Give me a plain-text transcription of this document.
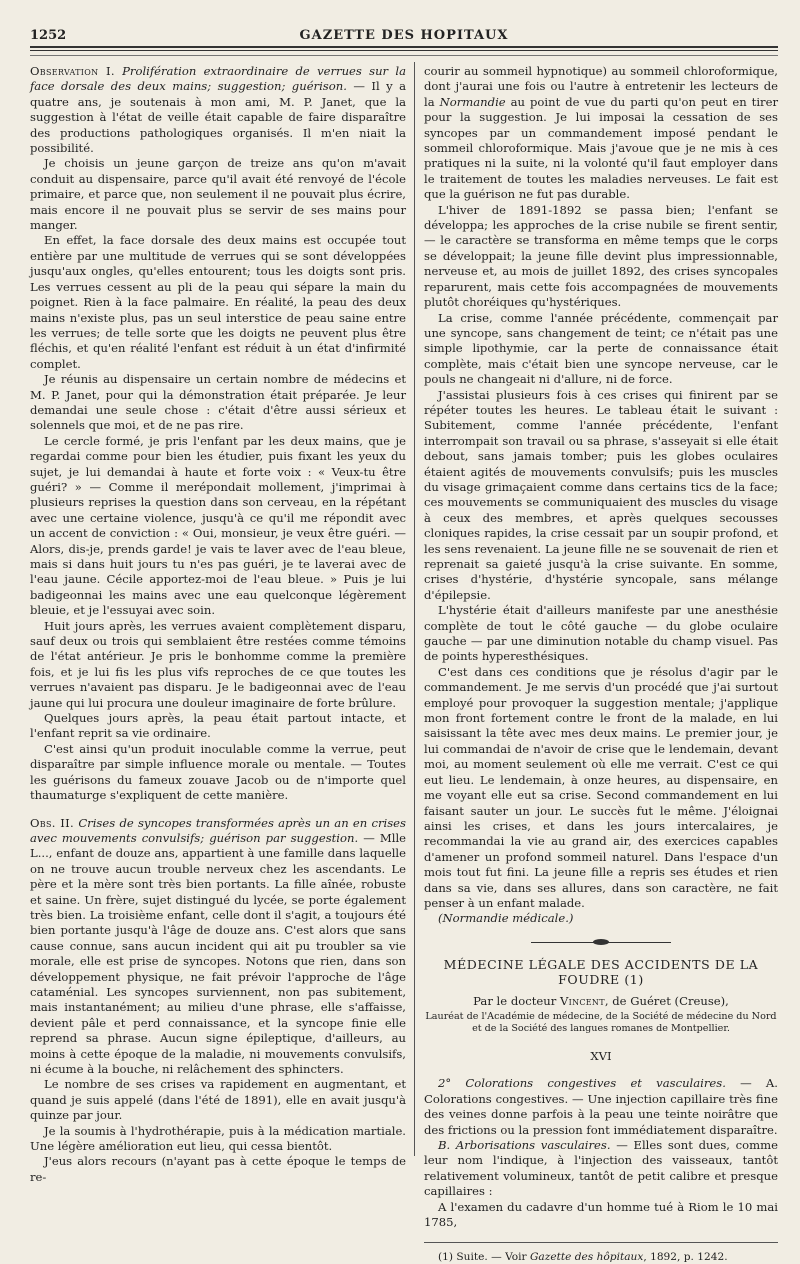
1252	GAZETTE DES HOPITAUX

Observation I. Prolifération extraordinaire de verrues sur la face dorsale des deux mains; suggestion; guérison. — Il y a quatre ans, je soutenais à mon ami, M. P. Janet, que la suggestion à l'état de veille était capable de faire disparaître des productions pathologiques organisés. Il m'en niait la possibilité.

Je choisis un jeune garçon de treize ans qu'on m'avait conduit au dispensaire, parce qu'il avait été renvoyé de l'école primaire, et parce que, non seulement il ne pouvait plus écrire, mais encore il ne pouvait plus se servir de ses mains pour manger.

En effet, la face dorsale des deux mains est occupée tout entière par une multitude de verrues qui se sont développées jusqu'aux ongles, qu'elles entourent; tous les doigts sont pris. Les verrues cessent au pli de la peau qui sépare la main du poignet. Rien à la face palmaire. En réalité, la peau des deux mains n'existe plus, pas un seul interstice de peau saine entre les verrues; de telle sorte que les doigts ne peuvent plus être fléchis, et qu'en réalité l'enfant est réduit à un état d'infirmité complet.

Je réunis au dispensaire un certain nombre de médecins et M. P. Janet, pour qui la démonstration était préparée. Je leur demandai une seule chose : c'était d'être aussi sérieux et solennels que moi, et de ne pas rire.

Le cercle formé, je pris l'enfant par les deux mains, que je regardai comme pour bien les étudier, puis fixant les yeux du sujet, je lui demandai à haute et forte voix : « Veux-tu être guéri? » — Comme il merépondait mollement, j'imprimai à plusieurs reprises la question dans son cerveau, en la répétant avec une certaine violence, jusqu'à ce qu'il me répondit avec un accent de conviction : « Oui, monsieur, je veux être guéri. — Alors, dis-je, prends garde! je vais te laver avec de l'eau bleue, mais si dans huit jours tu n'es pas guéri, je te laverai avec de l'eau jaune. Cécile apportez-moi de l'eau bleue. » Puis je lui badigeonnai les mains avec une eau quelconque légèrement bleuie, et je l'essuyai avec soin.

Huit jours après, les verrues avaient complètement disparu, sauf deux ou trois qui semblaient être restées comme témoins de l'état antérieur. Je pris le bonhomme comme la première fois, et je lui fis les plus vifs reproches de ce que toutes les verrues n'avaient pas disparu. Je le badigeonnai avec de l'eau jaune qui lui procura une douleur imaginaire de forte brûlure.

Quelques jours après, la peau était partout intacte, et l'enfant reprit sa vie ordinaire.

C'est ainsi qu'un produit inoculable comme la verrue, peut disparaître par simple influence morale ou mentale. — Toutes les guérisons du fameux zouave Jacob ou de n'importe quel thaumaturge s'expliquent de cette manière.

Obs. II. Crises de syncopes transformées après un an en crises avec mouvements convulsifs; guérison par suggestion. — Mlle L..., enfant de douze ans, appartient à une famille dans laquelle on ne trouve aucun trouble nerveux chez les ascendants. Le père et la mère sont très bien portants. La fille aînée, robuste et saine. Un frère, sujet distingué du lycée, se porte également très bien. La troisième enfant, celle dont il s'agit, a toujours été bien portante jusqu'à l'âge de douze ans. C'est alors que sans cause connue, sans aucun incident qui ait pu troubler sa vie morale, elle est prise de syncopes. Notons que rien, dans son développement physique, ne fait prévoir l'approche de l'âge cataménial. Les syncopes surviennent, non pas subitement, mais instantanément; au milieu d'une phrase, elle s'affaisse, devient pâle et perd connaissance, et la syncope finie elle reprend sa phrase. Aucun signe épileptique, d'ailleurs, au moins à cette époque de la maladie, ni mouvements convulsifs, ni écume à la bouche, ni relâchement des sphincters.

Le nombre de ses crises va rapidement en augmentant, et quand je suis appelé (dans l'été de 1891), elle en avait jusqu'à quinze par jour.

Je la soumis à l'hydrothérapie, puis à la médication martiale. Une légère amélioration eut lieu, qui cessa bientôt.

J'eus alors recours (n'ayant pas à cette époque le temps de re-

courir au sommeil hypnotique) au sommeil chloroformique, dont j'aurai une fois ou l'autre à entretenir les lecteurs de la Normandie au point de vue du parti qu'on peut en tirer pour la suggestion. Je lui imposai la cessation de ses syncopes par un commandement imposé pendant le sommeil chloroformique. Mais j'avoue que je ne mis à ces pratiques ni la suite, ni la volonté qu'il faut employer dans le traitement de toutes les maladies nerveuses. Le fait est que la guérison ne fut pas durable.

L'hiver de 1891-1892 se passa bien; l'enfant se développa; les approches de la crise nubile se firent sentir, — le caractère se transforma en même temps que le corps se développait; la jeune fille devint plus impressionnable, nerveuse et, au mois de juillet 1892, des crises syncopales reparurent, mais cette fois accompagnées de mouvements plutôt choréiques qu'hystériques.

La crise, comme l'année précédente, commençait par une syncope, sans changement de teint; ce n'était pas une simple lipothymie, car la perte de connaissance était complète, mais c'était bien une syncope nerveuse, car le pouls ne changeait ni d'allure, ni de force.

J'assistai plusieurs fois à ces crises qui finirent par se répéter toutes les heures. Le tableau était le suivant : Subitement, comme l'année précédente, l'enfant interrompait son travail ou sa phrase, s'asseyait si elle était debout, sans jamais tomber; puis les globes oculaires étaient agités de mouvements convulsifs; puis les muscles du visage grimaçaient comme dans certains tics de la face; ces mouvements se communiquaient des muscles du visage à ceux des membres, et après quelques secousses cloniques rapides, la crise cessait par un soupir profond, et les sens revenaient. La jeune fille ne se souvenait de rien et reprenait sa gaieté jusqu'à la crise suivante. En somme, crises d'hystérie, d'hystérie syncopale, sans mélange d'épilepsie.

L'hystérie était d'ailleurs manifeste par une anesthésie complète de tout le côté gauche — du globe oculaire gauche — par une diminution notable du champ visuel. Pas de points hyperesthésiques.

C'est dans ces conditions que je résolus d'agir par le commandement. Je me servis d'un procédé que j'ai surtout employé pour provoquer la suggestion mentale; j'applique mon front fortement contre le front de la malade, en lui saisissant la tête avec mes deux mains. Le premier jour, je lui commandai de n'avoir de crise que le lendemain, devant moi, au moment seulement où elle me verrait. C'est ce qui eut lieu. Le lendemain, à onze heures, au dispensaire, en me voyant elle eut sa crise. Second commandement en lui faisant sauter un jour. Le succès fut le même. J'éloignai ainsi les crises, et dans les jours intercalaires, je recommandai la vie au grand air, des exercices capables d'amener un profond sommeil naturel. Dans l'espace d'un mois tout fut fini. La jeune fille a repris ses études et rien dans sa vie, dans ses allures, dans son caractère, ne fait penser à un enfant malade.

(Normandie médicale.)

MÉDECINE LÉGALE DES ACCIDENTS DE LA FOUDRE (1)
Par le docteur Vincent, de Guéret (Creuse),
Lauréat de l'Académie de médecine, de la Société de médecine du Nord
et de la Société des langues romanes de Montpellier.
XVI

2° Colorations congestives et vasculaires. — A. Colorations congestives. — Une injection capillaire très fine des veines donne parfois à la peau une teinte noirâtre que des frictions ou la pression font immédiatement disparaître.

B. Arborisations vasculaires. — Elles sont dues, comme leur nom l'indique, à l'injection des vaisseaux, tantôt relativement volumineux, tantôt de petit calibre et presque capillaires :

A l'examen du cadavre d'un homme tué à Riom le 10 mai 1785,

(1) Suite. — Voir Gazette des hôpitaux, 1892, p. 1242.
